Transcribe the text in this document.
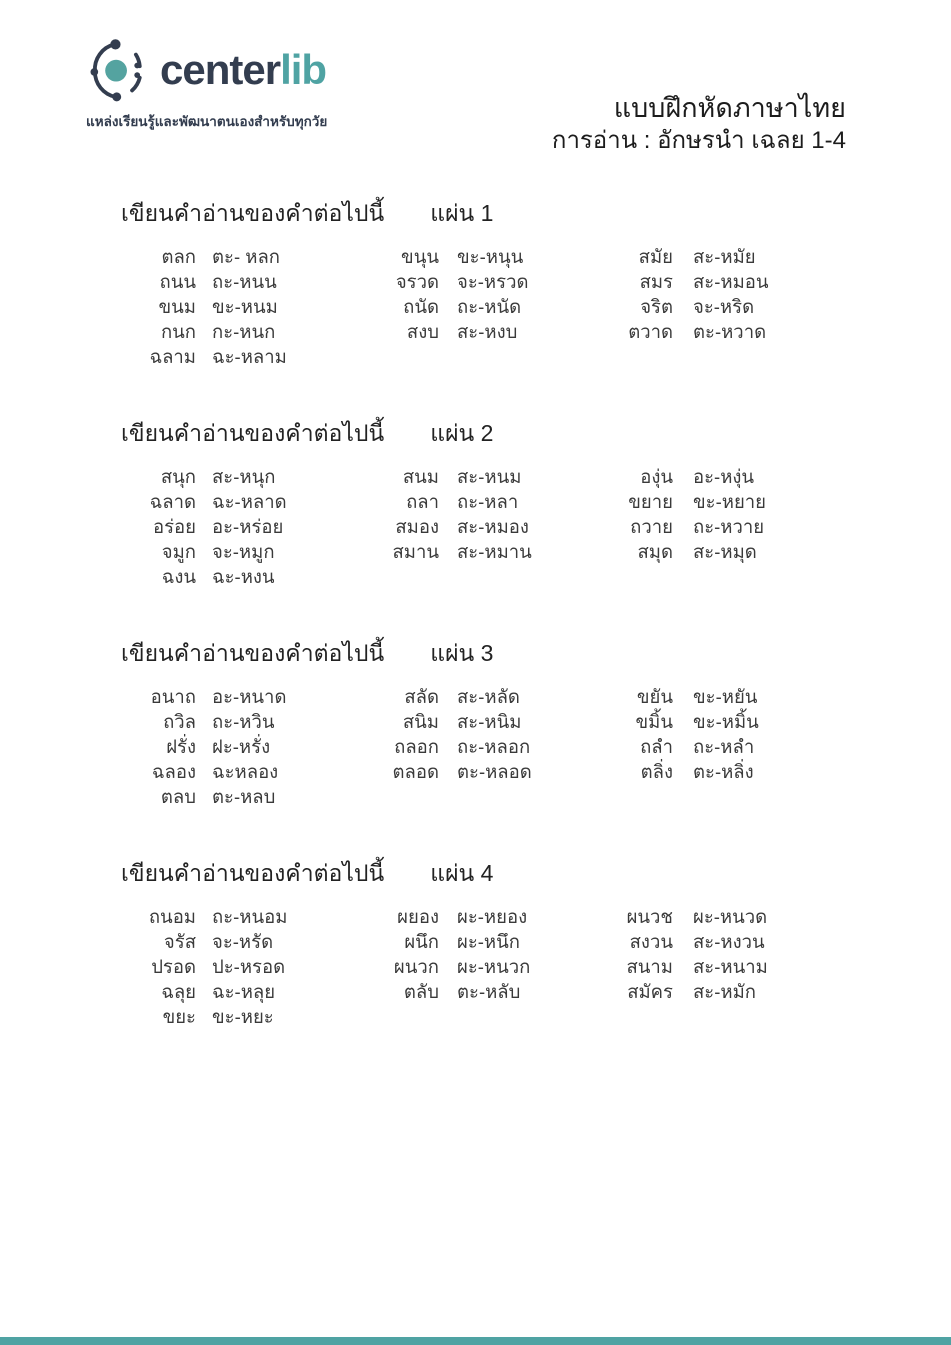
centerlib
แหล่งเรียนรู้และพัฒนาตนเองสำหรับทุกวัย	แบบฝึกหัดภาษาไทย
การอ่าน : อักษรนำ เฉลย 1-4
เขียนคำอ่านของคำต่อไปนี้ แผ่น 1
ตลก ตะ- หลก
ถนน ถะ-หนน
ขนม ขะ-หนม
กนก กะ-หนก
ฉลาม ฉะ-หลาม
ขนุน ขะ-หนุน
จรวด จะ-หรวด
ถนัด ถะ-หนัด
สงบ สะ-หงบ
สมัย สะ-หมัย
สมร สะ-หมอน
จริต จะ-หริด
ตวาด ตะ-หวาด
เขียนคำอ่านของคำต่อไปนี้ แผ่น 2
สนุก สะ-หนุก
ฉลาด ฉะ-หลาด
อร่อย อะ-หร่อย
จมูก จะ-หมูก
ฉงน ฉะ-หงน
สนม สะ-หนม
ถลา ถะ-หลา
สมอง สะ-หมอง
สมาน สะ-หมาน
องุ่น อะ-หงุ่น
ขยาย ขะ-หยาย
ถวาย ถะ-หวาย
สมุด สะ-หมุด
เขียนคำอ่านของคำต่อไปนี้ แผ่น 3
อนาถ อะ-หนาด
ถวิล ถะ-หวิน
ฝรั่ง ฝะ-หรั่ง
ฉลอง ฉะหลอง
ตลบ ตะ-หลบ
สลัด สะ-หลัด
สนิม สะ-หนิม
ถลอก ถะ-หลอก
ตลอด ตะ-หลอด
ขยัน ขะ-หยัน
ขมิ้น ขะ-หมิ้น
ถลำ ถะ-หลำ
ตลิ่ง ตะ-หลิ่ง
เขียนคำอ่านของคำต่อไปนี้ แผ่น 4
ถนอม ถะ-หนอม
จรัส จะ-หรัด
ปรอด ปะ-หรอด
ฉลุย ฉะ-หลุย
ขยะ ขะ-หยะ
ผยอง ผะ-หยอง
ผนึก ผะ-หนึก
ผนวก ผะ-หนวก
ตลับ ตะ-หลับ
ผนวช ผะ-หนวด
สงวน สะ-หงวน
สนาม สะ-หนาม
สมัคร สะ-หมัก
